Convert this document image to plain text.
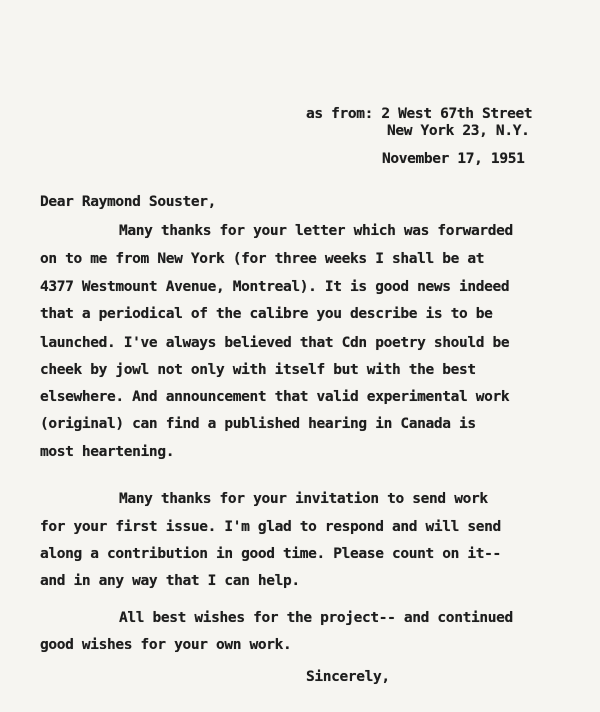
as from: 2 West 67th Street
New York 23, N.Y.
November 17, 1951
Dear Raymond Souster,
Many thanks for your letter which was forwarded
on to me from New York (for three weeks I shall be at
4377 Westmount Avenue, Montreal). It is good news indeed
that a periodical of the calibre you describe is to be
launched. I've always believed that Cdn poetry should be
cheek by jowl not only with itself but with the best
elsewhere. And announcement that valid experimental work
(original) can find a published hearing in Canada is
most heartening.
Many thanks for your invitation to send work
for your first issue. I'm glad to respond and will send
along a contribution in good time. Please count on it--
and in any way that I can help.
All best wishes for the project-- and continued
good wishes for your own work.
Sincerely,
